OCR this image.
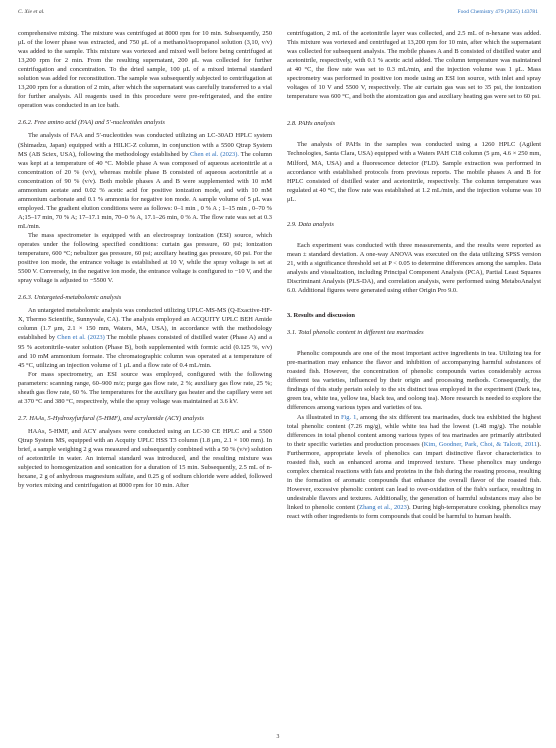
C. Xie et al.	Food Chemistry 479 (2025) 143781

comprehensive mixing. The mixture was centrifuged at 8000 rpm for 10 min. Subsequently, 250 μL of the lower phase was extracted, and 750 μL of a methanol/isopropanol solution (3,10, v/v) was added to the sample. This mixture was vortexed and mixed well before being centrifuged at 13,200 rpm for 2 min. From the resulting supernatant, 200 μL was collected for further centrifugation and concentration. To the dried sample, 100 μL of a mixed internal standard solution was added for reconstitution. The sample was subsequently subjected to centrifugation at 13,200 rpm for a duration of 2 min, after which the supernatant was carefully transferred to a vial for further analysis. All reagents used in this procedure were pre-refrigerated, and the entire operation was conducted in an ice bath.

2.6.2. Free amino acid (FAA) and 5′-nucleotides analysis

The analysis of FAA and 5′-nucleotides was conducted utilizing an LC-30AD HPLC system (Shimadzu, Japan) equipped with a HILIC-Z column, in conjunction with a 5500 Qtrap System MS (AB Sciex, USA), following the methodology established by Chen et al. (2023). The column was kept at a temperature of 40 °C. Mobile phase A was composed of aqueous acetonitrile at a concentration of 20 % (v/v), whereas mobile phase B consisted of aqueous acetonitrile at a concentration of 90 % (v/v). Both mobile phases A and B were supplemented with 10 mM ammonium acetate and 0.02 % acetic acid for positive ionization mode, and with 10 mM ammonium carbonate and 0.1 % ammonia for negative ion mode. A sample volume of 5 μL was employed. The gradient elution conditions were as follows: 0–1 min , 0 % A ; 1–15 min , 0–70 % A;15–17 min, 70 % A; 17–17.1 min, 70–0 % A, 17.1–26 min, 0 % A. The flow rate was set at 0.3 mL/min.

The mass spectrometer is equipped with an electrospray ionization (ESI) source, which operates under the following specified conditions: curtain gas pressure, 60 psi; ionization temperature, 600 °C; nebulizer gas pressure, 60 psi; auxiliary heating gas pressure, 60 psi. For the positive ion mode, the entrance voltage is established at 10 V, while the spray voltage is set at 5500 V. Conversely, in the negative ion mode, the entrance voltage is configured to −10 V, and the spray voltage is adjusted to −5500 V.

2.6.3. Untargeted-metabolomic analysis

An untargeted metabolomic analysis was conducted utilizing UPLC-MS-MS (Q-Exactive-HF-X, Thermo Scientific, Sunnyvale, CA). The analysis employed an ACQUITY UPLC BEH Amide column (1.7 μm, 2.1 × 150 mm, Waters, MA, USA), in accordance with the methodology established by Chen et al. (2023) The mobile phases consisted of distilled water (Phase A) and a 95 % acetonitrile-water solution (Phase B), both supplemented with formic acid (0.125 %, v/v) and 10 mM ammonium formate. The chromatographic column was operated at a temperature of 45 °C, utilizing an injection volume of 1 μL and a flow rate of 0.4 mL/min.

For mass spectrometry, an ESI source was employed, configured with the following parameters: scanning range, 60–900 m/z; purge gas flow rate, 2 %; auxiliary gas flow rate, 25 %; sheath gas flow rate, 60 %. The temperatures for the auxiliary gas heater and the capillary were set at 370 °C and 380 °C, respectively, while the spray voltage was maintained at 3.6 kV.

2.7. HAAs, 5-Hydroxyfurfural (5-HMF), and acrylamide (ACY) analysis

HAAs, 5-HMF, and ACY analyses were conducted using an LC-30 CE HPLC and a 5500 Qtrap System MS, equipped with an Acquity UPLC HSS T3 column (1.8 μm, 2.1 × 100 mm). In brief, a sample weighing 2 g was measured and subsequently combined with a 50 % (v/v) solution of acetonitrile in water. An internal standard was introduced, and the resulting mixture was subjected to homogenization and sonication for a duration of 15 min. Subsequently, 2.5 mL of n-hexane, 2 g of anhydrous magnesium sulfate, and 0.25 g of sodium chloride were added, followed by vortex mixing and centrifugation at 8000 rpm for 10 min. After

centrifugation, 2 mL of the acetonitrile layer was collected, and 2.5 mL of n-hexane was added. This mixture was vortexed and centrifuged at 13,200 rpm for 10 min, after which the supernatant was collected for subsequent analysis. The mobile phases A and B consisted of distilled water and acetonitrile, respectively, with 0.1 % acetic acid added. The column temperature was maintained at 40 °C, the flow rate was set to 0.3 mL/min, and the injection volume was 1 μL. Mass spectrometry was performed in positive ion mode using an ESI ion source, with inlet and spray voltages of 10 V and 5500 V, respectively. The air curtain gas was set to 35 psi, the ionization temperature was 600 °C, and both the atomization gas and auxiliary heating gas were set to 60 psi.

2.8. PAHs analysis

The analysis of PAHs in the samples was conducted using a 1260 HPLC (Agilent Technologies, Santa Clara, USA) equipped with a Waters PAH C18 column (5 μm, 4.6 × 250 mm, Milford, MA, USA) and a fluorescence detector (FLD). Sample extraction was performed in accordance with established protocols from previous reports. The mobile phases A and B for HPLC consisted of distilled water and acetonitrile, respectively. The column temperature was regulated at 40 °C, the flow rate was established at 1.2 mL/min, and the injection volume was 10 μL.

2.9. Data analysis

Each experiment was conducted with three measurements, and the results were reported as mean ± standard deviation. A one-way ANOVA was executed on the data utilizing SPSS version 21, with a significance threshold set at P < 0.05 to determine differences among the samples. Data analysis and visualization, including Principal Component Analysis (PCA), Partial Least Squares Discriminant Analysis (PLS-DA), and correlation analysis, were performed using MetaboAnalyst 6.0. Additional figures were generated using either Origin Pro 9.0.

3. Results and discussion
3.1. Total phenolic content in different tea marinades

Phenolic compounds are one of the most important active ingredients in tea. Utilizing tea for pre-marination may enhance the flavor and inhibition of accompanying harmful substances of roasted fish. However, the concentration of phenolic compounds varies considerably across different tea varieties, influenced by their origin and processing methods. Consequently, the findings of this study pertain solely to the six distinct teas employed in the experiment (Dark tea, green tea, white tea, yellow tea, black tea, and oolong tea). More research is needed to explore the differences among various types and varieties of tea.

As illustrated in Fig. 1, among the six different tea marinades, duck tea exhibited the highest total phenolic content (7.26 mg/g), while white tea had the lowest (1.48 mg/g). The notable differences in total phenol content among various types of tea marinades are primarily attributed to their specific varieties and production processes (Kim, Goodner, Park, Choi, & Talcott, 2011). Furthermore, appropriate levels of phenolics can impart distinctive flavor characteristics to roasted fish, such as enhanced aroma and improved texture. These phenolics may undergo complex chemical reactions with fats and proteins in the fish during the roasting process, resulting in the formation of aromatic compounds that enhance the overall flavor of the roasted fish. However, excessive phenolic content can lead to over-oxidation of the fish's surface, resulting in undesirable flavors and textures. Additionally, the generation of harmful substances may also be linked to phenolic content (Zhang et al., 2023). During high-temperature cooking, phenolics may react with other ingredients to form compounds that could be harmful to human health.

3
